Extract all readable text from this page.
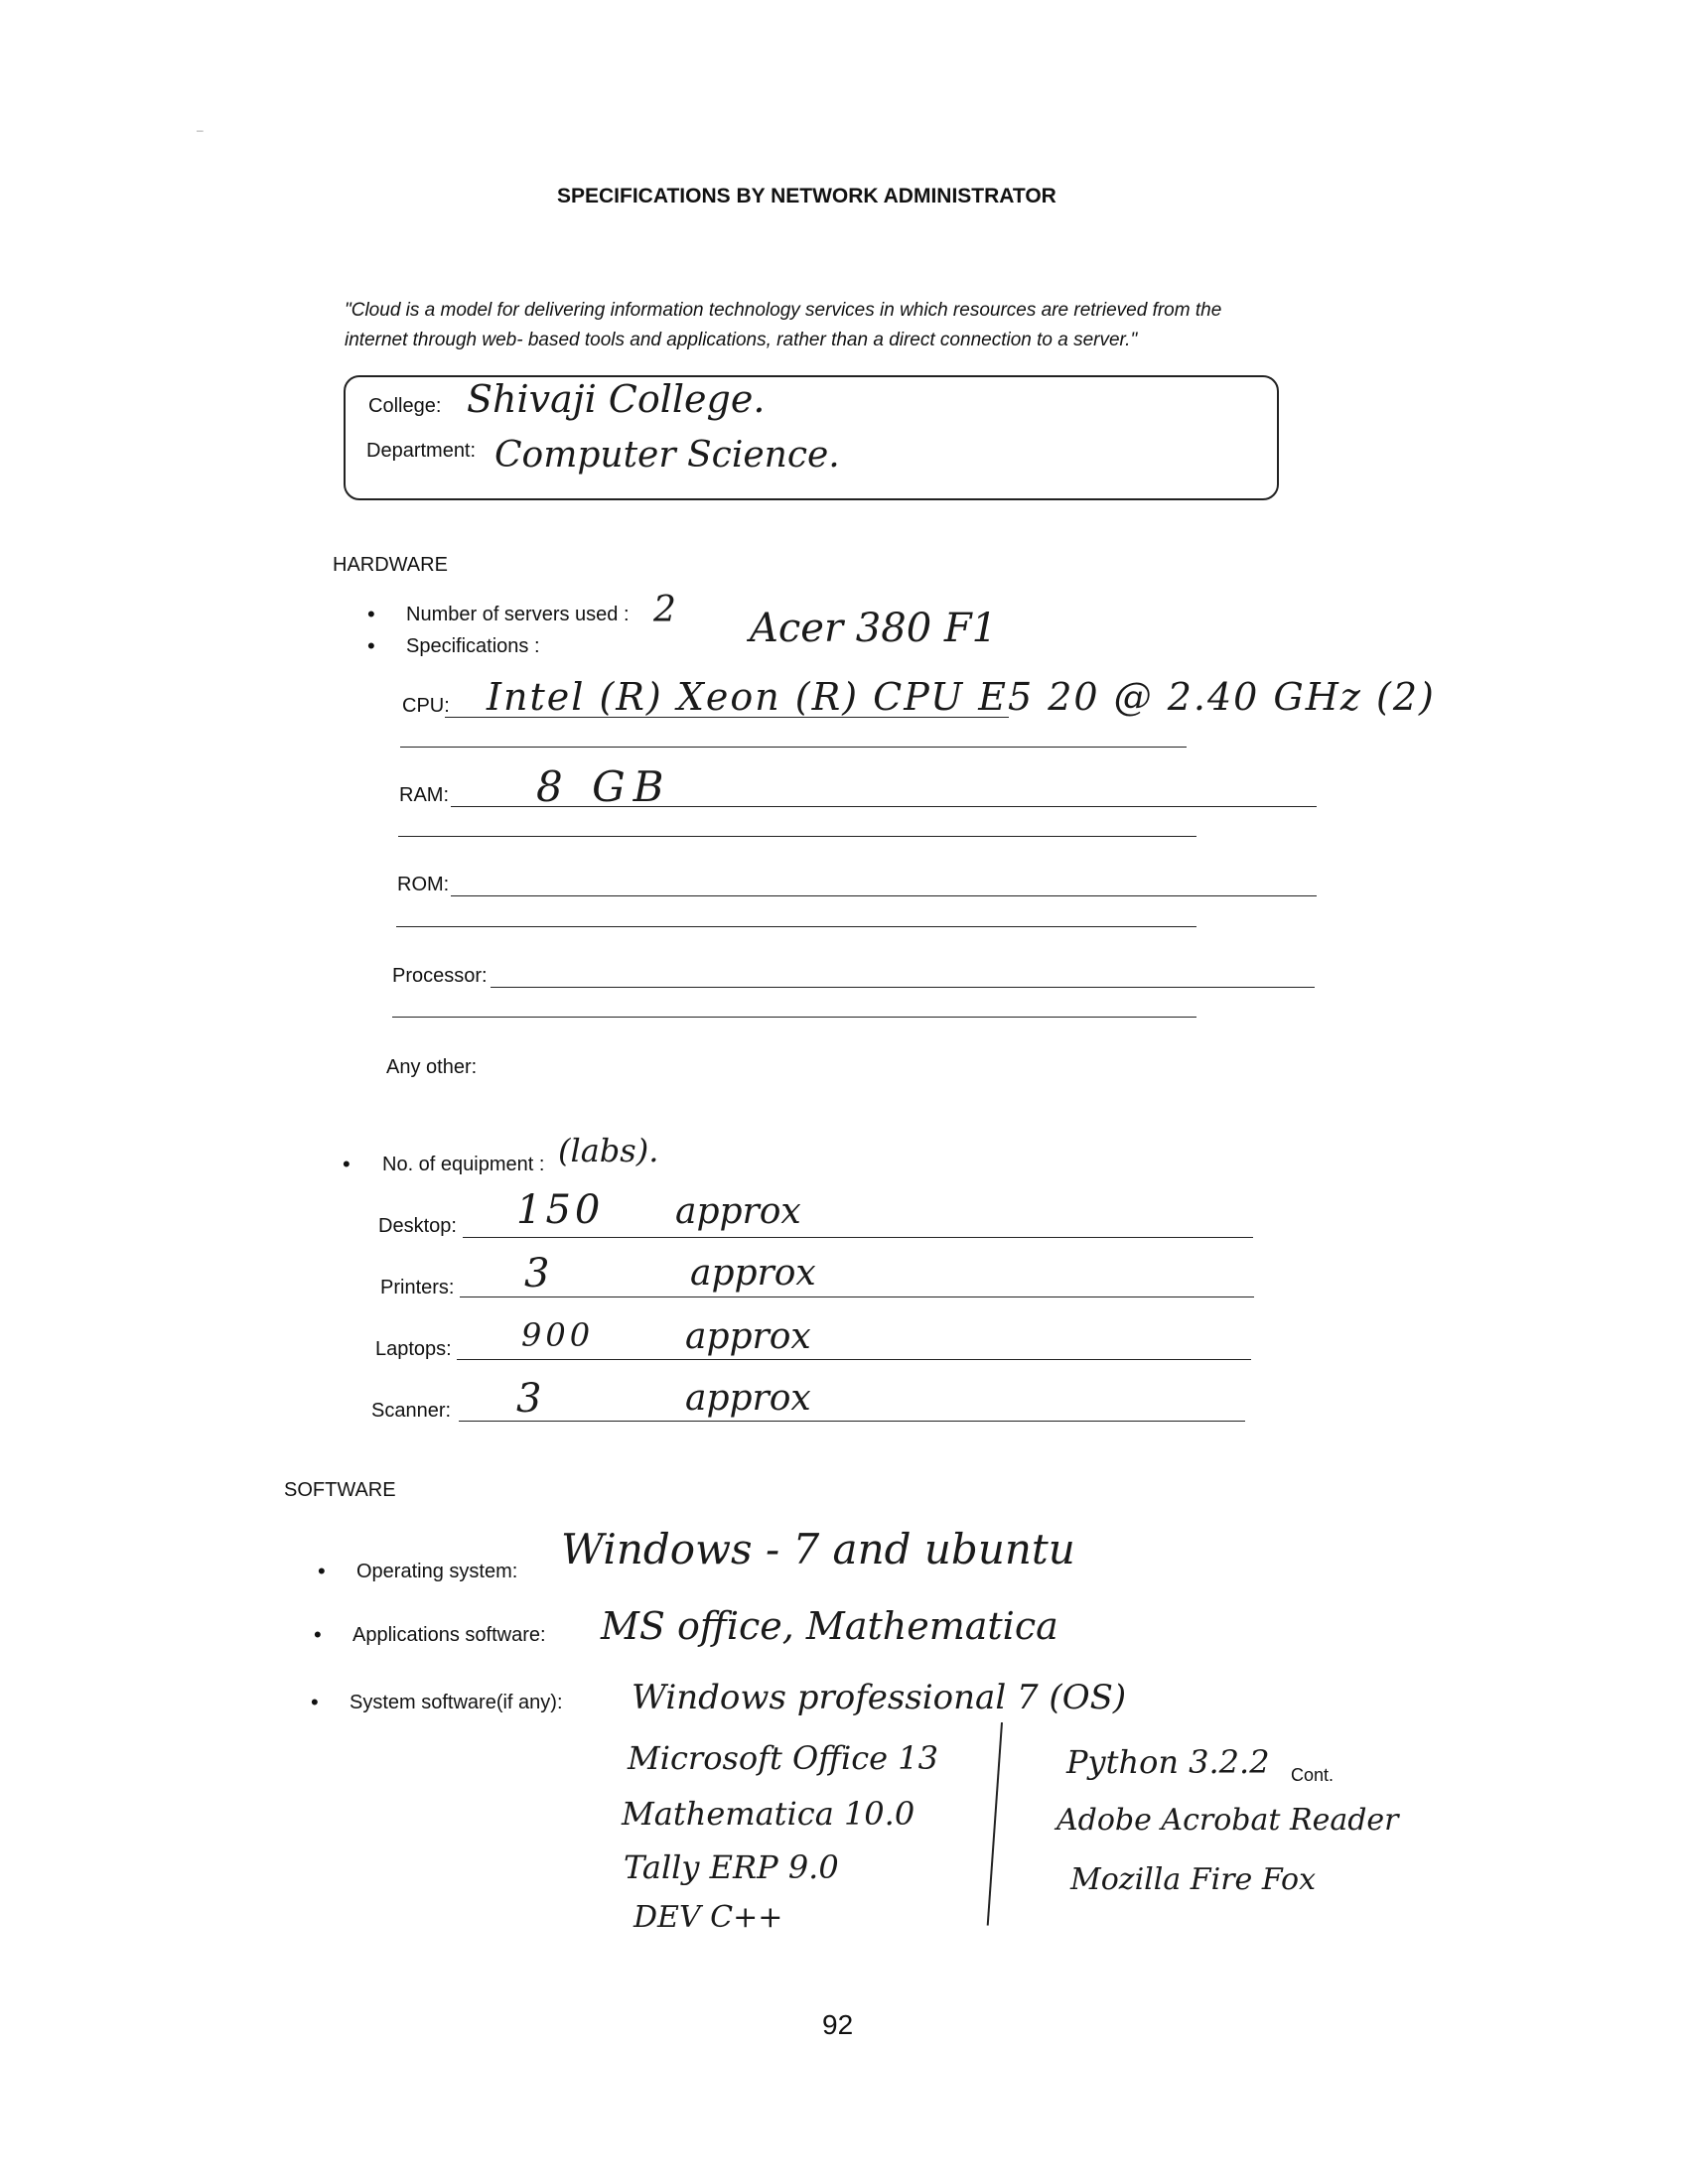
–
SPECIFICATIONS BY NETWORK ADMINISTRATOR
"Cloud is a model for delivering information technology services in which resources are retrieved from the
internet through web- based tools and applications, rather than a direct connection to a server."
College: Shivaji College.
Department: Computer Science.
HARDWARE
• Number of servers used : 2
• Specifications :	Acer 380 F1
CPU: Intel (R) Xeon (R) CPU E5 20 @ 2.40 GHz (2)
RAM: 8 GB
ROM:
Processor:
Any other:
• No. of equipment : (labs).
Desktop: 150 approx
Printers: 3	approx
Laptops: 900	approx
Scanner: 3	approx
SOFTWARE
• Operating system: Windows - 7 and ubuntu
• Applications software: MS office, Mathematica
• System software(if any): Windows professional 7 (OS)
Microsoft Office 13
Mathematica 10.0
Tally ERP 9.0
DEV C++
Python 3.2.2 Cont.
Adobe Acrobat Reader
Mozilla Fire Fox
92
